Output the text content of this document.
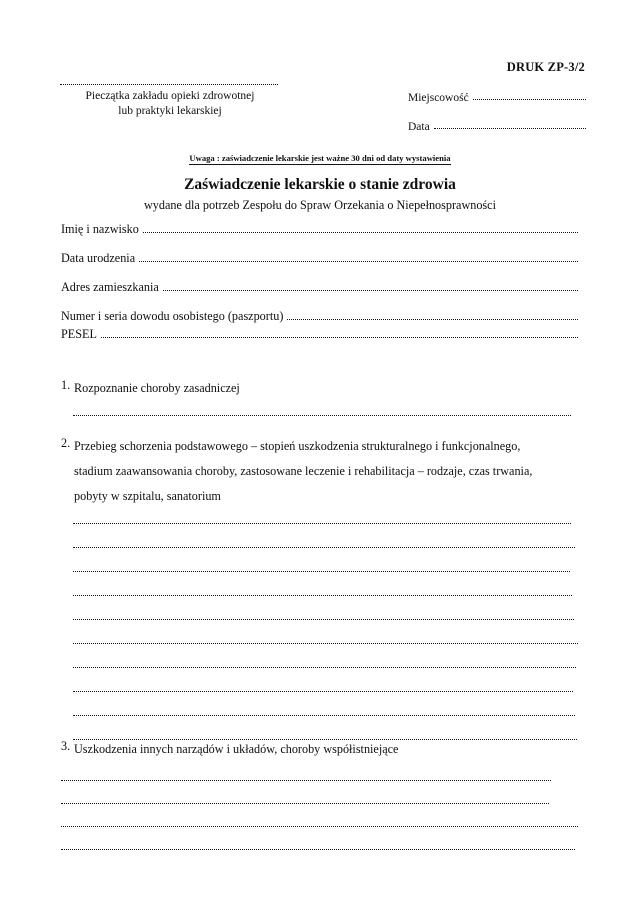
DRUK ZP-3/2
Pieczątka zakładu opieki zdrowotnej
lub praktyki lekarskiej
Miejscowość
Data
Uwaga : zaświadczenie lekarskie jest ważne 30 dni od daty wystawienia
Zaświadczenie lekarskie o stanie zdrowia
wydane dla potrzeb Zespołu do Spraw Orzekania o Niepełnosprawności
Imię i nazwisko
Data urodzenia
Adres zamieszkania
Numer i seria dowodu osobistego (paszportu)
PESEL
1. Rozpoznanie choroby zasadniczej

2. Przebieg schorzenia podstawowego – stopień uszkodzenia strukturalnego i funkcjonalnego,

stadium zaawansowania choroby, zastosowane leczenie i rehabilitacja – rodzaje, czas trwania,

pobyty w szpitalu, sanatorium

3. Uszkodzenia innych narządów i układów, choroby współistniejące
